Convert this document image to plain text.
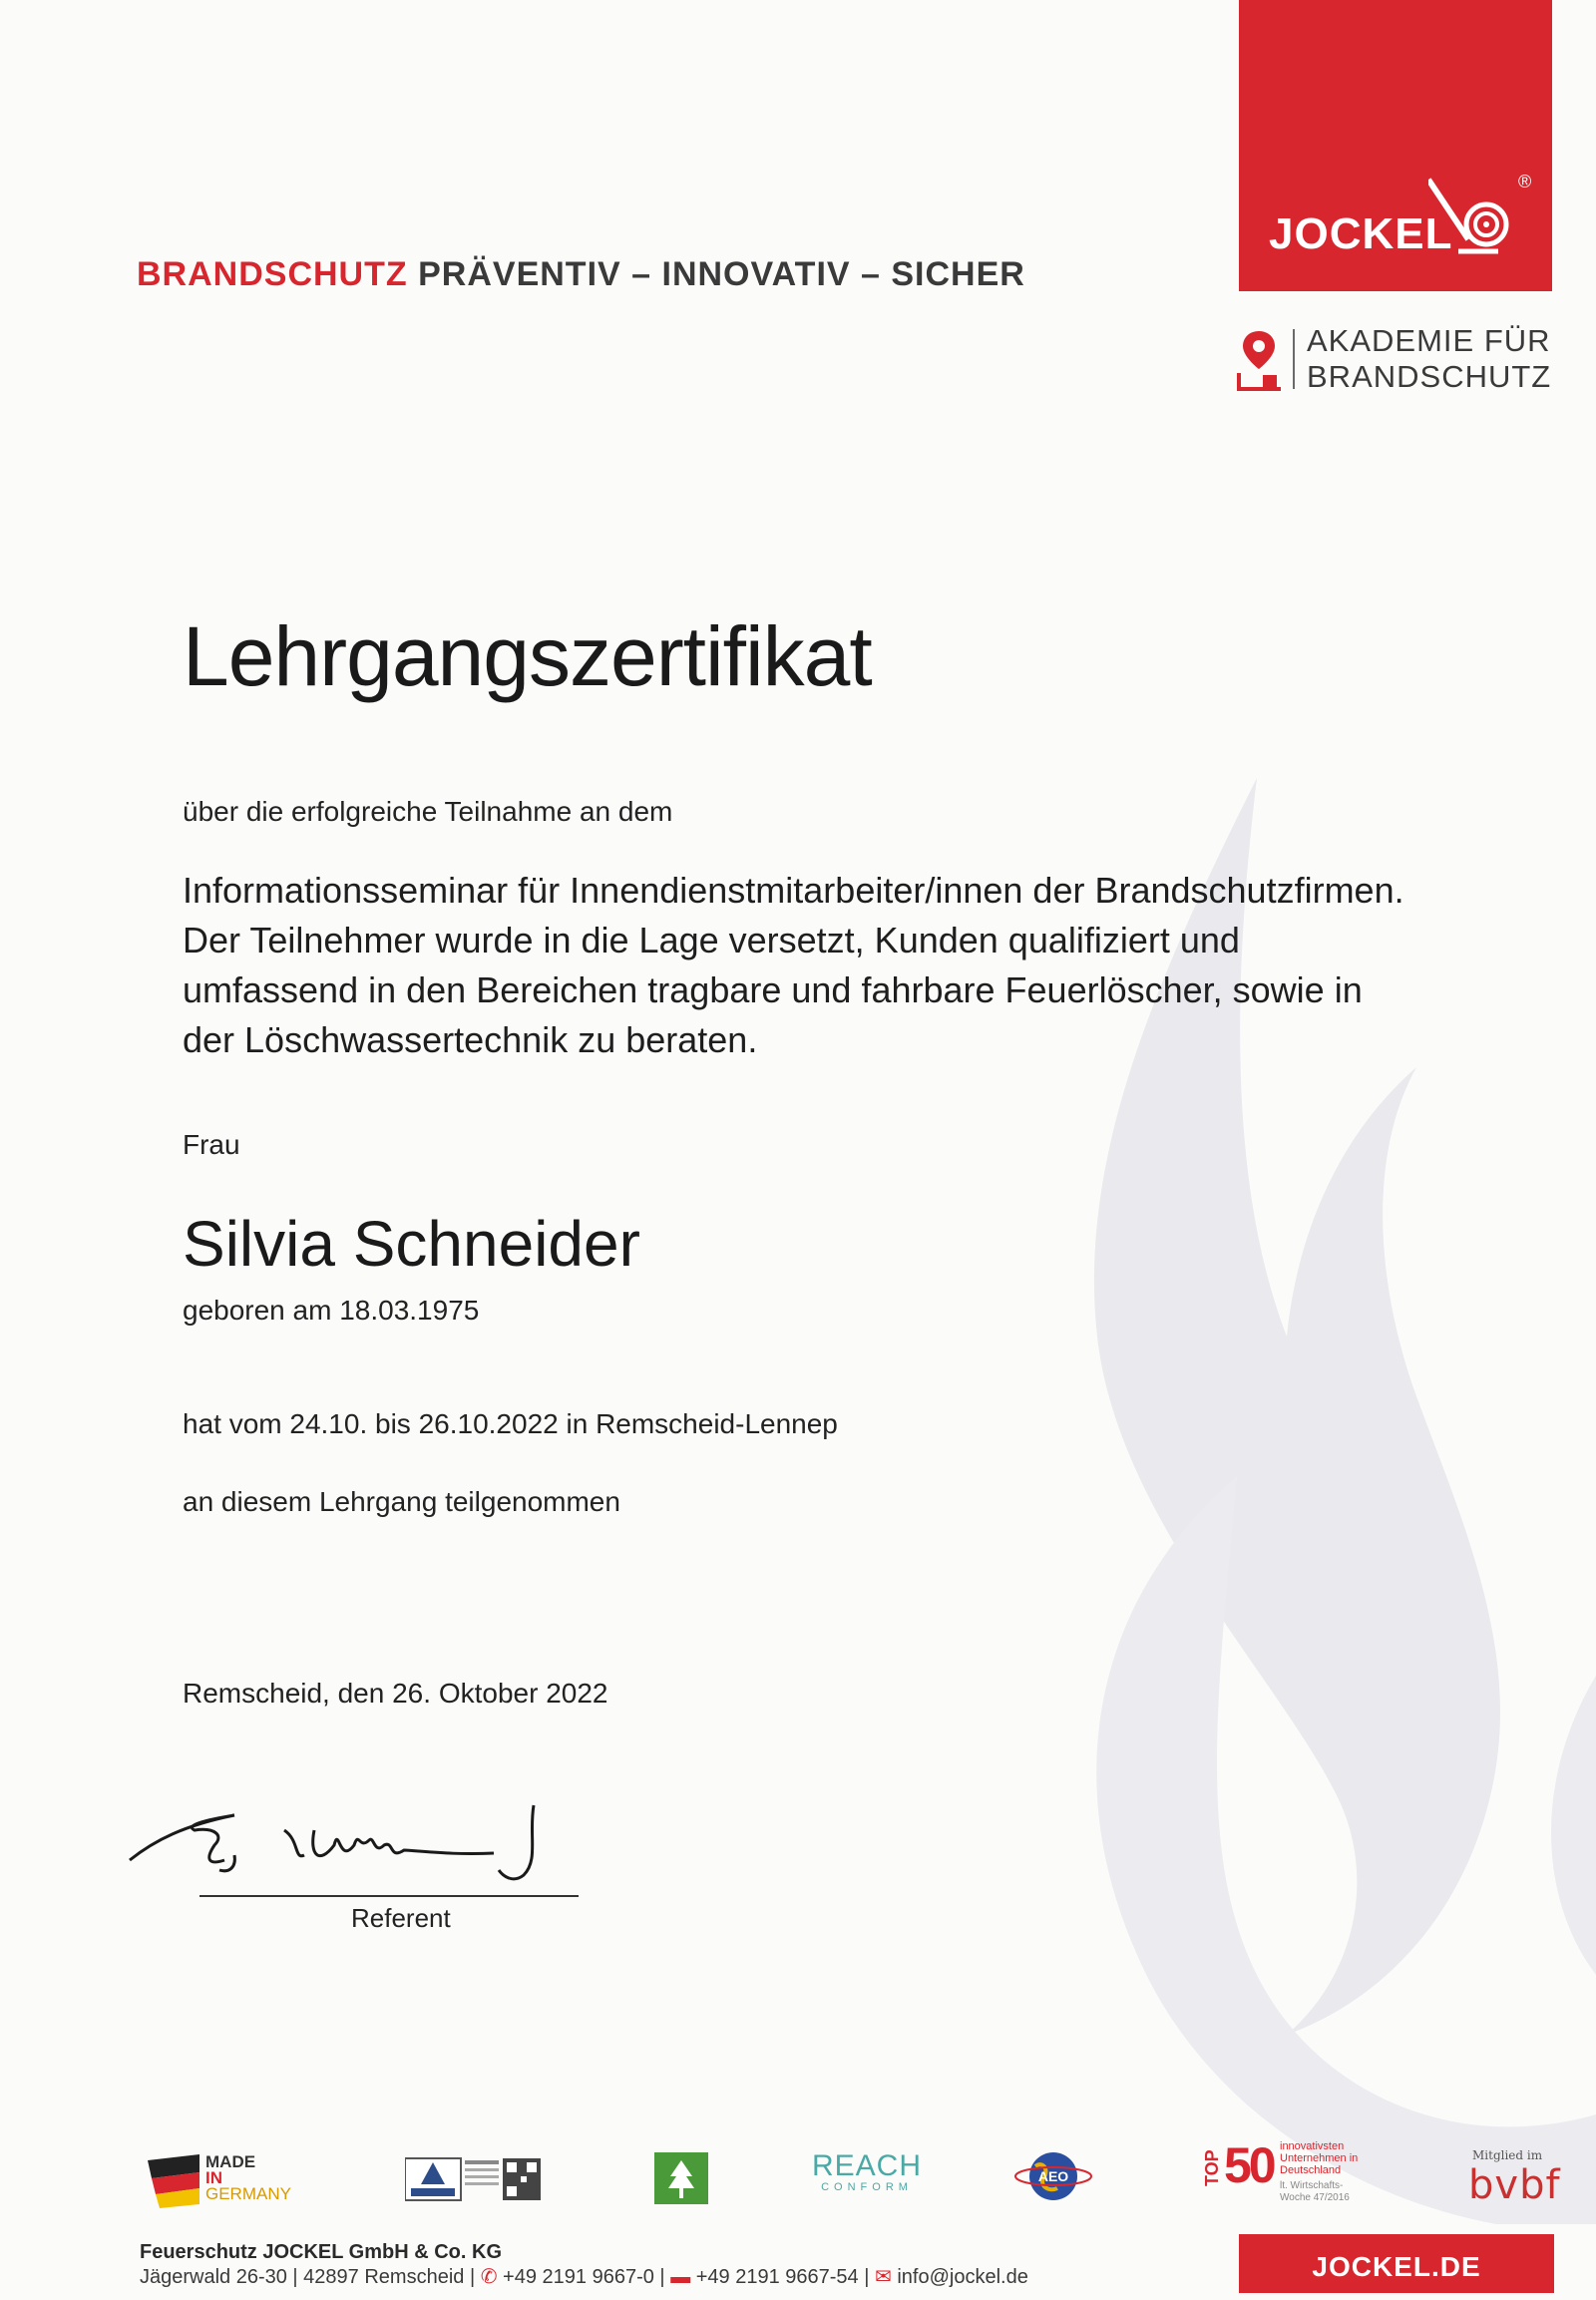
BRANDSCHUTZ PRÄVENTIV – INNOVATIV – SICHER
JOCKEL
®
AKADEMIE FÜR
BRANDSCHUTZ
Lehrgangszertifikat
über die erfolgreiche Teilnahme an dem
Informationsseminar für Innendienstmitarbeiter/innen der Brandschutzfirmen.
Der Teilnehmer wurde in die Lage versetzt, Kunden qualifiziert und
umfassend in den Bereichen tragbare und fahrbare Feuerlöscher, sowie in
der Löschwassertechnik zu beraten.
Frau
Silvia Schneider
geboren am 18.03.1975
hat vom 24.10. bis 26.10.2022 in Remscheid-Lennep
an diesem Lehrgang teilgenommen
Remscheid, den 26. Oktober 2022
Referent
MADE
IN
GERMANY
REACH
CONFORM
AEO	TOP 50 innovativsten
Unternehmen in
Deutschland
lt. Wirtschafts-
Woche 47/2016
Mitglied im
bvbf
Feuerschutz JOCKEL GmbH & Co. KG
Jägerwald 26-30 | 42897 Remscheid | ✆ +49 2191 9667-0 | ▬ +49 2191 9667-54 | ✉ info@jockel.de	JOCKEL.DE
